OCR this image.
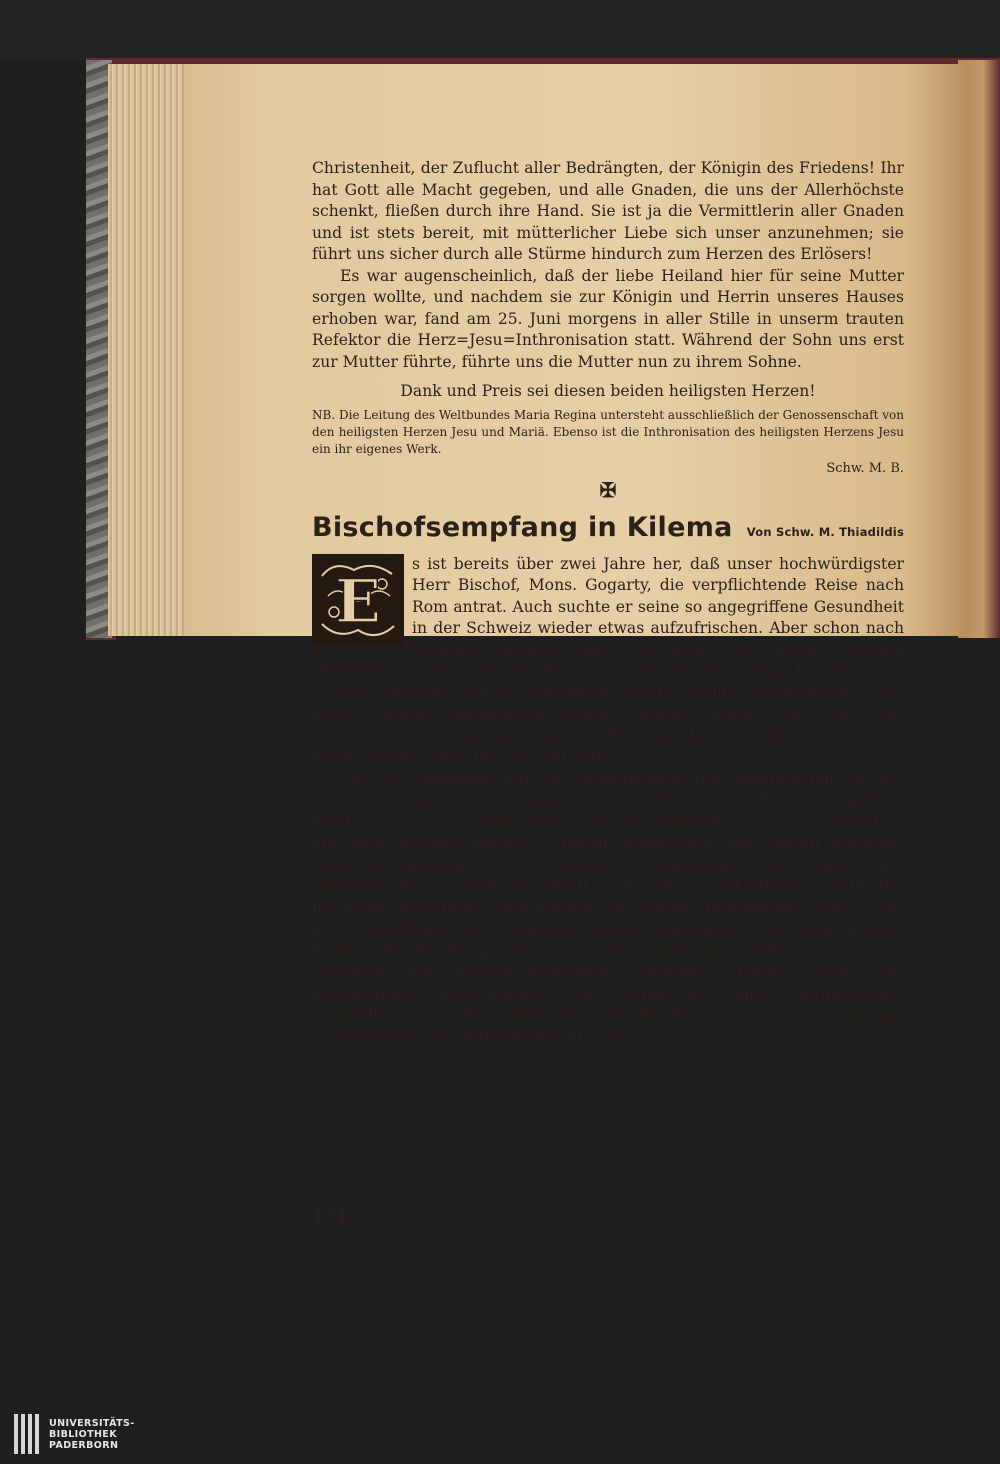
Christenheit, der Zuflucht aller Bedrängten, der Königin des Friedens! Ihr hat Gott alle Macht gegeben, und alle Gnaden, die uns der Allerhöchste schenkt, fließen durch ihre Hand. Sie ist ja die Vermittlerin aller Gnaden und ist stets bereit, mit mütterlicher Liebe sich unser anzunehmen; sie führt uns sicher durch alle Stürme hindurch zum Herzen des Erlösers!

Es war augenscheinlich, daß der liebe Heiland hier für seine Mutter sorgen wollte, und nachdem sie zur Königin und Herrin unseres Hauses erhoben war, fand am 25. Juni morgens in aller Stille in unserm trauten Refektor die Herz=Jesu=Inthronisation statt. Während der Sohn uns erst zur Mutter führte, führte uns die Mutter nun zu ihrem Sohne.

Dank und Preis sei diesen beiden heiligsten Herzen!

NB. Die Leitung des Weltbundes Maria Regina untersteht ausschließlich der Genossenschaft von den heiligsten Herzen Jesu und Mariä. Ebenso ist die Inthronisation des heiligsten Herzens Jesu ein ihr eigenes Werk.

Schw. M. B.

✠
Bischofsempfang in Kilema Von Schw. M. Thiadildis
E

s ist bereits über zwei Jahre her, daß unser hochwürdigster Herr Bischof, Mons. Gogarty, die verpflichtende Reise nach Rom antrat. Auch suchte er seine so angegriffene Gesundheit in der Schweiz wieder etwas aufzufrischen. Aber schon nach wenigen Wochen holte der liebe Gott diesen eifrigen Oberhirten in den schönen Himmel, wo er ihm eine ewige Erholung von seinem arbeitsreichen Missionsleben bereiten wollte. Lange Wochen war unser Vikariat Kilimandjaro verwaist. Endlich erhörte der liebe Gott unsere vielen Gebete und gab uns Ende des Jahres in Mons. Dr. Byrne wieder einen neuen Bischof und Vater.

Am 14. Dezember war der heißersehnte Tag angebrochen, da wir unseren neuen hochwürdigsten Herrn Bischof in Kilema begrüßen durften. Schon viele Tage vorher war ein eifriges Rüsten und Vorbereiten; die Wege wurden geebnet, Unkraut ausgerodet und überall festlicher Schmuck angelegt. Die herrlichsten Triumphbogen von Palmen und Zypressengrün wurden aufgestellt, viele Fahnen und Fähnchen flatterten im Winde und gaben dem ganzen ein schönes buntfarbenes Bild. Über dem zukünftigen Bischofszimmer prangte majestätisch die Fahne unserer heiligen Kirche. Die golden strahlende Tropensonne verlieh dem reichen Schmuck ein festlich=glänzendes Gepräge. Endlich kam der denkwürdige, unvergeßliche Tag! Schon in früher Morgenstunde sammelten sich die Mädchen und Knaben sowie eine Unmenge Erwachsener aller Altersstufen aus allen

174
UNIVERSITÄTS-
BIBLIOTHEK
PADERBORN
